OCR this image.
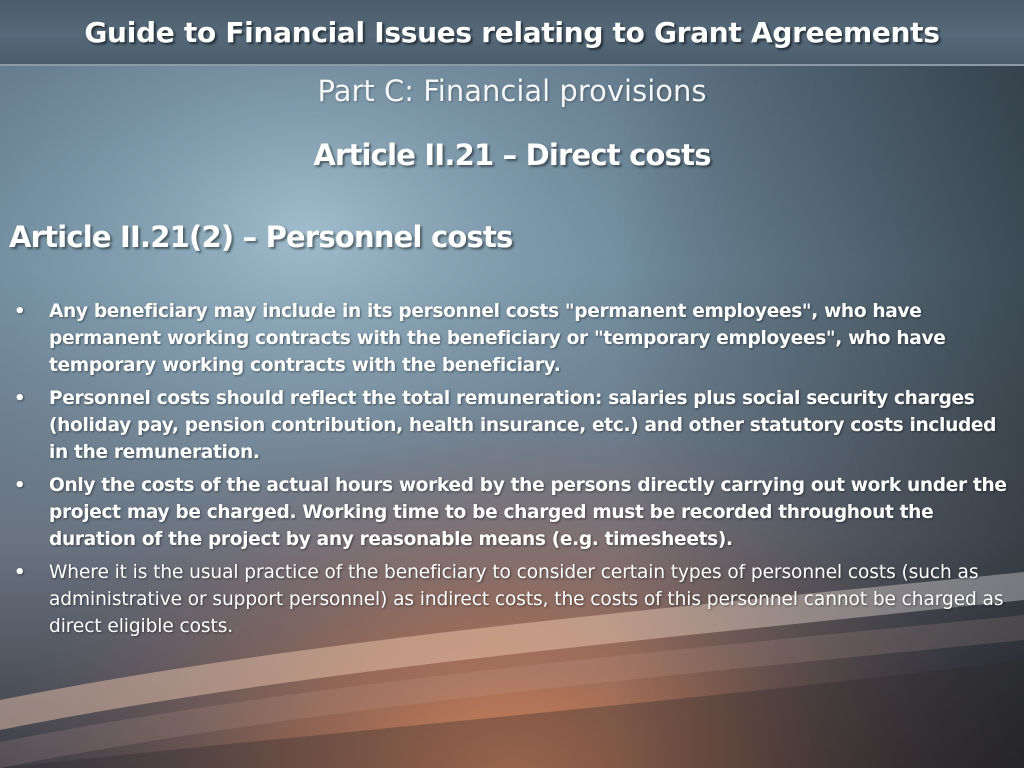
Guide to Financial Issues relating to Grant Agreements
Part C: Financial provisions
Article II.21 – Direct costs
Article II.21(2) – Personnel costs
• Any beneficiary may include in its personnel costs "permanent employees", who have permanent working contracts with the beneficiary or "temporary employees", who have temporary working contracts with the beneficiary.
• Personnel costs should reflect the total remuneration: salaries plus social security charges (holiday pay, pension contribution, health insurance, etc.) and other statutory costs included in the remuneration.
• Only the costs of the actual hours worked by the persons directly carrying out work under the project may be charged. Working time to be charged must be recorded throughout the duration of the project by any reasonable means (e.g. timesheets).
• Where it is the usual practice of the beneficiary to consider certain types of personnel costs (such as administrative or support personnel) as indirect costs, the costs of this personnel cannot be charged as direct eligible costs.
